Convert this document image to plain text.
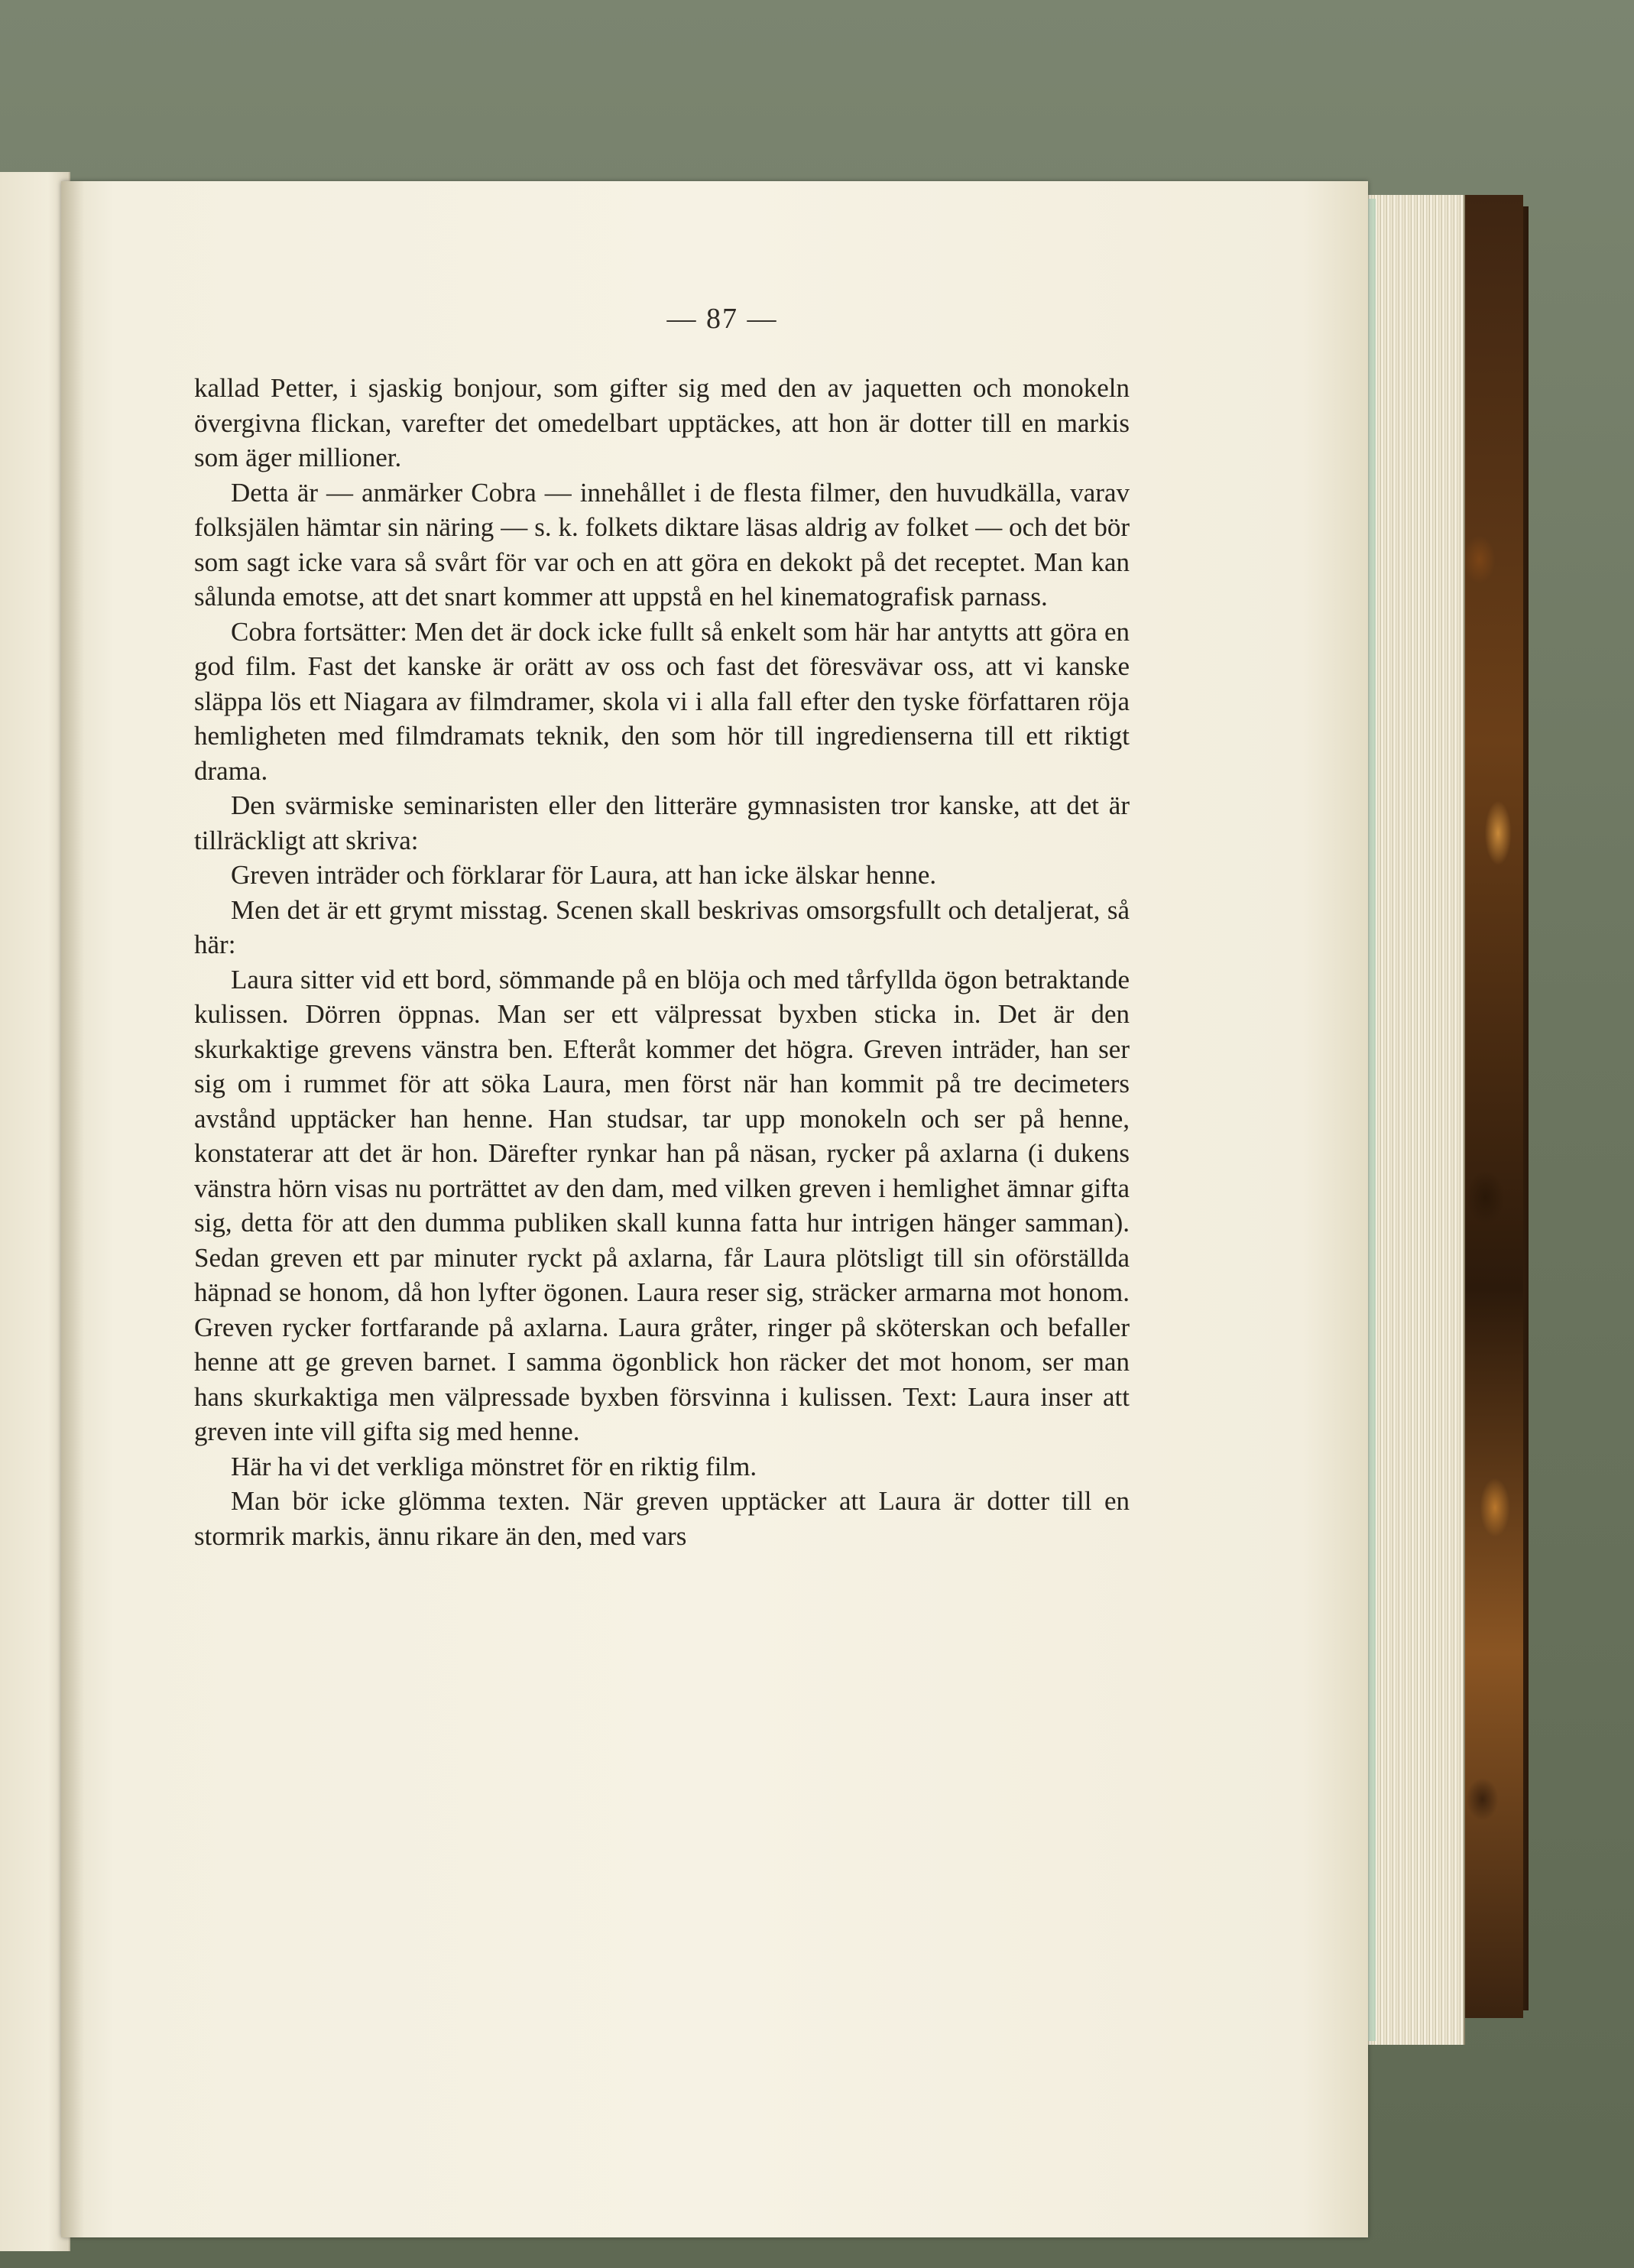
— 87 —

kallad Petter, i sjaskig bonjour, som gifter sig med den av jaquetten och monokeln övergivna flickan, varefter det omedelbart upptäckes, att hon är dotter till en markis som äger millioner.

Detta är — anmärker Cobra — innehållet i de flesta filmer, den huvudkälla, varav folksjälen hämtar sin näring — s. k. folkets diktare läsas aldrig av folket — och det bör som sagt icke vara så svårt för var och en att göra en dekokt på det receptet. Man kan sålunda emotse, att det snart kommer att uppstå en hel kinematografisk parnass.

Cobra fortsätter: Men det är dock icke fullt så enkelt som här har antytts att göra en god film. Fast det kanske är orätt av oss och fast det föresvävar oss, att vi kanske släppa lös ett Niagara av filmdramer, skola vi i alla fall efter den tyske författaren röja hemligheten med filmdramats teknik, den som hör till ingredienserna till ett riktigt drama.

Den svärmiske seminaristen eller den litteräre gymnasisten tror kanske, att det är tillräckligt att skriva:

Greven inträder och förklarar för Laura, att han icke älskar henne.

Men det är ett grymt misstag. Scenen skall beskrivas omsorgsfullt och detaljerat, så här:

Laura sitter vid ett bord, sömmande på en blöja och med tårfyllda ögon betraktande kulissen. Dörren öppnas. Man ser ett välpressat byxben sticka in. Det är den skurkaktige grevens vänstra ben. Efteråt kommer det högra. Greven inträder, han ser sig om i rummet för att söka Laura, men först när han kommit på tre decimeters avstånd upptäcker han henne. Han studsar, tar upp monokeln och ser på henne, konstaterar att det är hon. Därefter rynkar han på näsan, rycker på axlarna (i dukens vänstra hörn visas nu porträttet av den dam, med vilken greven i hemlighet ämnar gifta sig, detta för att den dumma publiken skall kunna fatta hur intrigen hänger samman). Sedan greven ett par minuter ryckt på axlarna, får Laura plötsligt till sin oförställda häpnad se honom, då hon lyfter ögonen. Laura reser sig, sträcker armarna mot honom. Greven rycker fortfarande på axlarna. Laura gråter, ringer på sköterskan och befaller henne att ge greven barnet. I samma ögonblick hon räcker det mot honom, ser man hans skurkaktiga men välpressade byxben försvinna i kulissen. Text: Laura inser att greven inte vill gifta sig med henne.

Här ha vi det verkliga mönstret för en riktig film.

Man bör icke glömma texten. När greven upptäcker att Laura är dotter till en stormrik markis, ännu rikare än den, med vars
